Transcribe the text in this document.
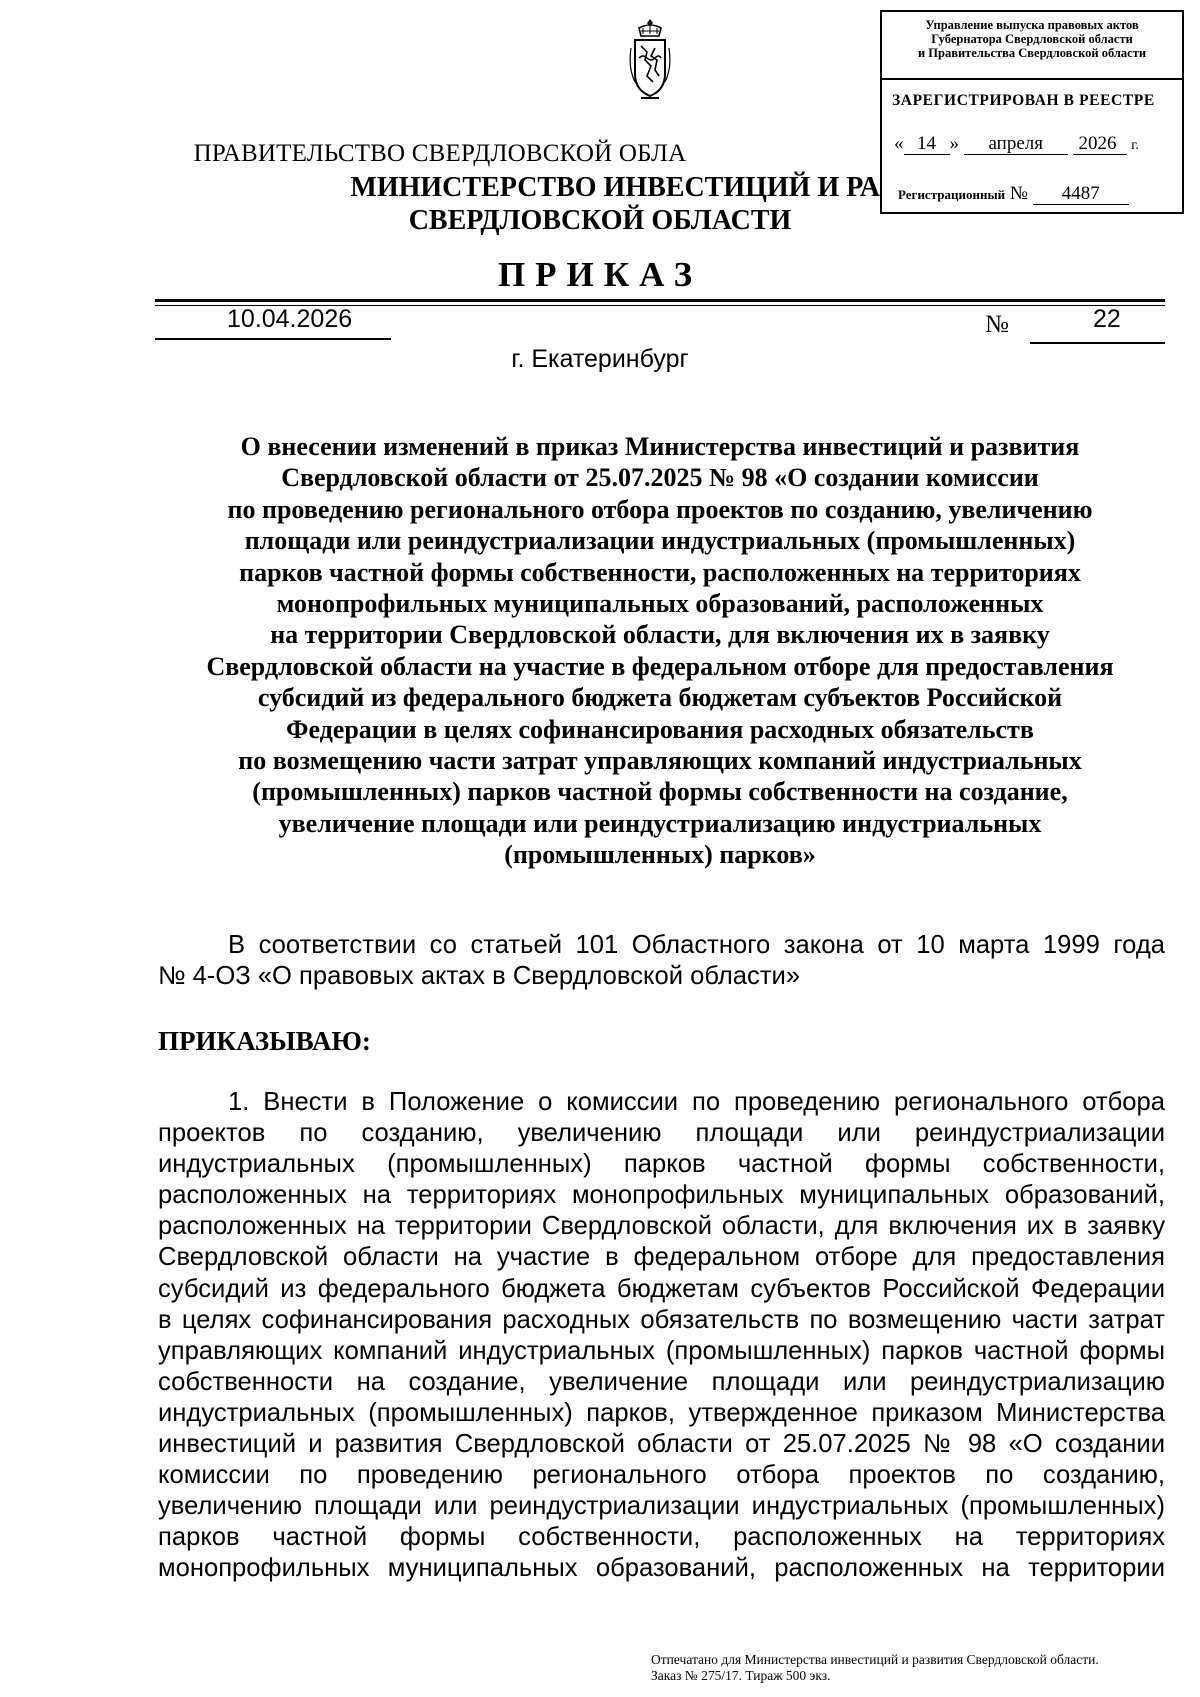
Управление выпуска правовых актов
Губернатора Свердловской области
и Правительства Свердловской области
ЗАРЕГИСТРИРОВАН В РЕЕСТРЕ
« 14 » апреля 2026 г.
Регистрационный № 4487
ПРАВИТЕЛЬСТВО СВЕРДЛОВСКОЙ ОБЛА
МИНИСТЕРСТВО ИНВЕСТИЦИЙ И РА
СВЕРДЛОВСКОЙ ОБЛАСТИ
ПРИКАЗ
10.04.2026	№	22
г. Екатеринбург
О внесении изменений в приказ Министерства инвестиций и развития
Свердловской области от 25.07.2025 № 98 «О создании комиссии
по проведению регионального отбора проектов по созданию, увеличению
площади или реиндустриализации индустриальных (промышленных)
парков частной формы собственности, расположенных на территориях
монопрофильных муниципальных образований, расположенных
на территории Свердловской области, для включения их в заявку
Свердловской области на участие в федеральном отборе для предоставления
субсидий из федерального бюджета бюджетам субъектов Российской
Федерации в целях софинансирования расходных обязательств
по возмещению части затрат управляющих компаний индустриальных
(промышленных) парков частной формы собственности на создание,
увеличение площади или реиндустриализацию индустриальных
(промышленных) парков»
В соответствии со статьей 101 Областного закона от 10 марта 1999 года
№ 4-ОЗ «О правовых актах в Свердловской области»
ПРИКАЗЫВАЮ:
1. Внести в Положение о комиссии по проведению регионального отбора
проектов по созданию, увеличению площади или реиндустриализации
индустриальных (промышленных) парков частной формы собственности,
расположенных на территориях монопрофильных муниципальных образований,
расположенных на территории Свердловской области, для включения их в заявку
Свердловской области на участие в федеральном отборе для предоставления
субсидий из федерального бюджета бюджетам субъектов Российской Федерации
в целях софинансирования расходных обязательств по возмещению части затрат
управляющих компаний индустриальных (промышленных) парков частной формы
собственности на создание, увеличение площади или реиндустриализацию
индустриальных (промышленных) парков, утвержденное приказом Министерства
инвестиций и развития Свердловской области от 25.07.2025 № 98 «О создании
комиссии по проведению регионального отбора проектов по созданию,
увеличению площади или реиндустриализации индустриальных (промышленных)
парков частной формы собственности, расположенных на территориях
монопрофильных муниципальных образований, расположенных на территории
Отпечатано для Министерства инвестиций и развития Свердловской области.
Заказ № 275/17. Тираж 500 экз.
